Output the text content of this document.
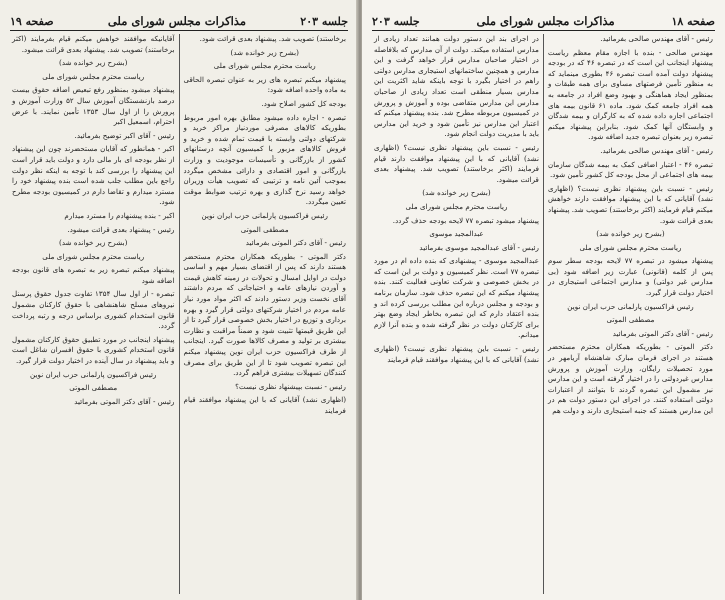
جلسه ۲۰۳
مذاکرات مجلس شورای ملی
صفحه ۱۹

برخاستند) تصویب شد. پیشنهاد بعدی قرائت شود.

(بشرح زیر خوانده شد)

ریاست محترم مجلس شورای ملی

پیشنهاد میکنم تبصره های زیر به عنوان تبصره الحاقی به ماده واحده اضافه شود:

بودجه کل کشور اصلاح شود.

تبصره - اجاره داده میشود مطابق بهره امور مربوط بطوریکه کالاهای مصرفی موردنیاز مراکز خرید و شرکتهای دولتی وابسته با قیمت تمام شده و خرید و فروش کالاهای مزبور با کمیسیون آنچه درستانهای کشور از بازرگانی و تأسیسات موجودیت و وزارت بازرگانی و امور اقتصادی و دارائی مشخص میگردد بموجب آئین نامه و ترتیبی که تصویب هیأت وزیران خواهد رسید نرخ گذاری و بهره ترتیب ضوابط موقت تعیین میگردد.

رئیس فراکسیون پارلمانی حزب ایران نوین

مصطفی الموتی

رئیس - آقای دکتر الموتی بفرمائید

دکتر الموتی - بطوریکه همکاران محترم مستحضر هستند دارند که پس از اقتضای بسیار مهم و اساسی دولت در اوایل امسال و تحولات در زمینه کاهش قیمت و آوردن نیازهای عامه و احتیاجاتی که مردم داشتند آقای نخست وزیر دستور دادند که اکثر مواد مورد نیاز عامه مردم در اختیار شرکتهای دولتی قرار گیرد و بهره برداری و توزیع در اختیار بخش خصوصی قرار گیرد تا از این طریق قیمتها تثبیت شود و ضمناً مراقبت و نظارت بیشتری بر تولید و مصرف کالاها صورت گیرد. اینجانب از طرف فراکسیون حزب ایران نوین پیشنهاد میکنم این تبصره تصویب شود تا از این طریق برای مصرف کنندگان تسهیلات بیشتری فراهم گردد.

رئیس - نسبت بپیشنهاد نظری نیست؟

(اظهاری نشد) آقایانی که با این پیشنهاد موافقند قیام فرمایند

آقایانیکه موافقند خواهش میکنم قیام بفرمایند (اکثر برخاستند) تصویب شد. پیشنهاد بعدی قرائت میشود.

(بشرح زیر خوانده شد)

ریاست محترم مجلس شورای ملی

پیشنهاد میشود بمنظور رفع تبعیض اضافه حقوق بیست درصد بازنشستگان آموزش سال ۵۲ وزارت آموزش و پرورش را از اول سال ۱۳۵۳ تأمین نمایند. با عرض احترام، اسمعیل اکبر

رئیس - آقای اکبر توضیح بفرمائید.

اکبر - همانطور که آقایان مستحضرند چون این پیشنهاد از نظر بودجه ای بار مالی دارد و دولت باید قرار است این پیشنهاد را بررسی کند با توجه به اینکه نظر دولت راجع باین مطلب جلب شده است بنده پیشنهاد خود را مسترد میدارم و تقاضا دارم در کمیسیون بودجه مطرح شود.

اکبر - بنده پیشنهادم را مسترد میدارم

رئیس - پیشنهاد بعدی قرائت میشود.

(بشرح زیر خوانده شد)

ریاست محترم مجلس شورای ملی

پیشنهاد میکنم تبصره زیر به تبصره های قانون بودجه اضافه شود

تبصره - از اول سال ۱۳۵۴ تفاوت جدول حقوق پرسنل نیروهای مسلح شاهنشاهی با حقوق کارکنان مشمول قانون استخدام کشوری براساس درجه و رتبه پرداخت گردد.

پیشنهاد اینجانب در مورد تطبیق حقوق کارکنان مشمول قانون استخدام کشوری با حقوق افسران شاغل است و باید پیشنهاد در سال آینده در اختیار دولت قرار گیرد.

رئیس فراکسیون پارلمانی حزب ایران نوین

مصطفی الموتی

رئیس - آقای دکتر الموتی بفرمائید

صفحه ۱۸
مذاکرات مجلس شورای ملی
جلسه ۲۰۳

رئیس - آقای مهندس صالحی بفرمائید.

مهندس صالحی - بنده با اجازه مقام معظم ریاست پیشنهاد اینجانب این است که در تبصره ۴۶ که در بودجه پیشنهاد دولت آمده است تبصره ۴۶ بطوری مینماید که به منظور تأمین فرصتهای مساوی برای همه طبقات و بمنظور ایجاد هماهنگی و بهبود وضع افراد در جامعه به همه افراد جامعه کمک شود. ماده ۶۱ قانون بیمه های اجتماعی اجازه داده شده که به کارگران و بیمه شدگان و وابستگان آنها کمک شود. بنابراین پیشنهاد میکنم تبصره زیر بعنوان تبصره جدید اضافه شود.

رئیس - آقای مهندس صالحی بفرمائید.

تبصره ۴۶ - اعتبار اضافی کمک به بیمه شدگان سازمان بیمه های اجتماعی از محل بودجه کل کشور تأمین شود.

رئیس - نسبت باین پیشنهاد نظری نیست؟ (اظهاری نشد) آقایانی که با این پیشنهاد موافقت دارند خواهش میکنم قیام فرمایند (اکثر برخاستند) تصویب شد. پیشنهاد بعدی قرائت شود.

(بشرح زیر خوانده شد)

ریاست محترم مجلس شورای ملی

پیشنهاد میشود در تبصره ۷۷ لایحه بودجه سطر سوم پس از کلمه (قانونی) عبارت زیر اضافه شود (بی مدارس غیر دولتی) و مدارس اجتماعی استیجاری در اختیار دولت قرار گیرد.

رئیس فراکسیون پارلمانی حزب ایران نوین

مصطفی الموتی

رئیس - آقای دکتر الموتی بفرمائید

دکتر الموتی - بطوریکه همکاران محترم مستحضر هستند در اجرای فرمان مبارک شاهنشاه آریامهر در مورد تحصیلات رایگان، وزارت آموزش و پرورش مدارس غیردولتی را در اختیار گرفته است و این مدارس نیز مشمول این تبصره گردند تا بتوانند از اعتبارات دولتی استفاده کنند. در اجرای این دستور دولت هم در این مدارس هستند که جنبه استیجاری دارند و دولت هم

در اجرای بند این دستور دولت همانند تعداد زیادی از مدارس استفاده میکند. دولت از آن مدارس که بلافاصله در اختیار صاحبان مدارس قرار خواهد گرفت و این مدارس و همچنین ساختمانهای استیجاری مدارس دولتی راهم در اختیار بگیرد با توجه باینکه شاید اکثریت این مدارس بسیار منطقی است تعداد زیادی از صاحبان مدارس این مدارس متقاضی بوده و آموزش و پرورش در کمیسیون مربوطه مطرح شد. بنده پیشنهاد میکنم که اعتبار این مدارس نیز تأمین شود و خرید این مدارس باید با مدیریت دولت انجام شود.

رئیس - نسبت باین پیشنهاد نظری نیست؟ (اظهاری نشد) آقایانی که با این پیشنهاد موافقت دارند قیام فرمایند (اکثر برخاستند) تصویب شد. پیشنهاد بعدی قرائت میشود.

(بشرح زیر خوانده شد)

ریاست محترم مجلس شورای ملی

پیشنهاد میشود تبصره ۷۷ لایحه بودجه حذف گردد.

عبدالمجید موسوی

رئیس - آقای عبدالمجید موسوی بفرمائید

عبدالمجید موسوی - پیشنهادی که بنده داده ام در مورد تبصره ۷۷ است. نظر کمیسیون و دولت بر این است که در بخش خصوصی و شرکت تعاونی فعالیت کنند. بنده پیشنهاد میکنم که این تبصره حذف شود. سازمان برنامه و بودجه و مجلس درباره این مطلب بررسی کرده اند و بنده اعتقاد دارم که این تبصره بخاطر ایجاد وضع بهتر برای کارکنان دولت در نظر گرفته شده و بنده آنرا لازم میدانم.

رئیس - نسبت باین پیشنهاد نظری نیست؟ (اظهاری نشد) آقایانی که با این پیشنهاد موافقند قیام فرمایند
